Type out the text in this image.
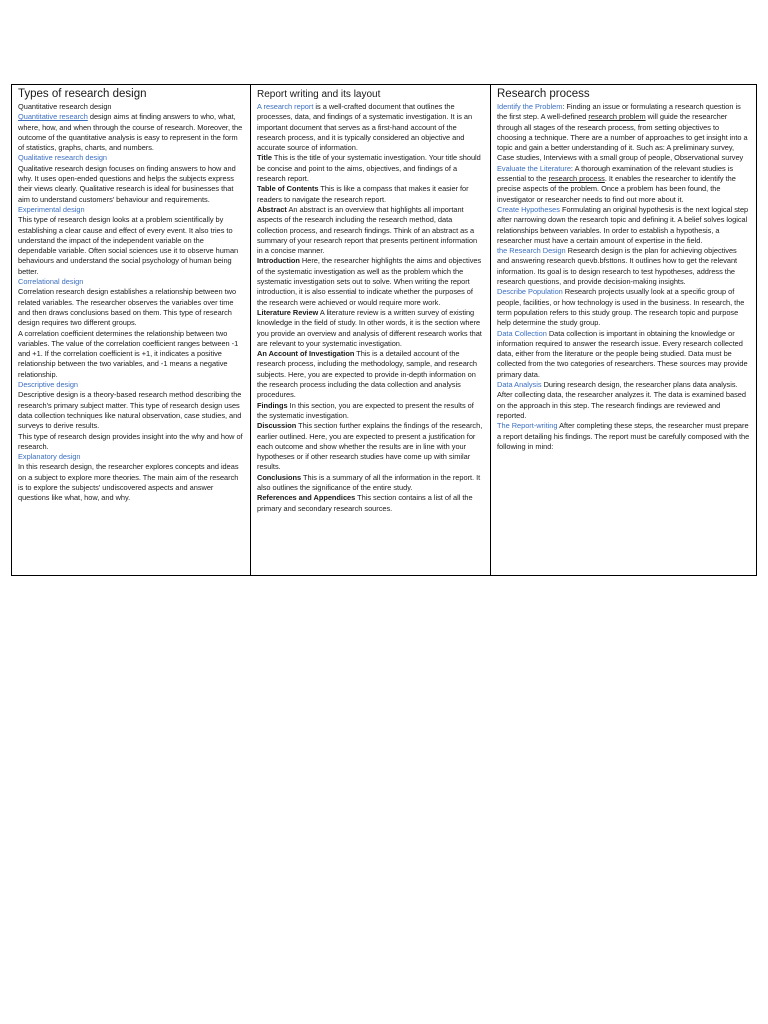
Types of research design

Quantitative research design

Quantitative research design aims at finding answers to who, what, where, how, and when through the course of research. Moreover, the outcome of the quantitative analysis is easy to represent in the form of statistics, graphs, charts, and numbers.

Qualitative research design

Qualitative research design focuses on finding answers to how and why. It uses open-ended questions and helps the subjects express their views clearly. Qualitative research is ideal for businesses that aim to understand customers' behaviour and requirements.

Experimental design

This type of research design looks at a problem scientifically by establishing a clear cause and effect of every event. It also tries to understand the impact of the independent variable on the dependable variable. Often social sciences use it to observe human behaviours and understand the social psychology of human being better.

Correlational design

Correlation research design establishes a relationship between two related variables. The researcher observes the variables over time and then draws conclusions based on them. This type of research design requires two different groups.

A correlation coefficient determines the relationship between two variables. The value of the correlation coefficient ranges between -1 and +1. If the correlation coefficient is +1, it indicates a positive relationship between the two variables, and -1 means a negative relationship.

Descriptive design

Descriptive design is a theory-based research method describing the research's primary subject matter. This type of research design uses data collection techniques like natural observation, case studies, and surveys to derive results.

This type of research design provides insight into the why and how of research.

Explanatory design

In this research design, the researcher explores concepts and ideas on a subject to explore more theories. The main aim of the research is to explore the subjects' undiscovered aspects and answer questions like what, how, and why.

Report writing and its layout

A research report is a well-crafted document that outlines the processes, data, and findings of a systematic investigation. It is an important document that serves as a first-hand account of the research process, and it is typically considered an objective and accurate source of information.

Title This is the title of your systematic investigation. Your title should be concise and point to the aims, objectives, and findings of a research report.

Table of Contents This is like a compass that makes it easier for readers to navigate the research report.

Abstract An abstract is an overview that highlights all important aspects of the research including the research method, data collection process, and research findings. Think of an abstract as a summary of your research report that presents pertinent information in a concise manner.

Introduction Here, the researcher highlights the aims and objectives of the systematic investigation as well as the problem which the systematic investigation sets out to solve. When writing the report introduction, it is also essential to indicate whether the purposes of the research were achieved or would require more work.

Literature Review A literature review is a written survey of existing knowledge in the field of study. In other words, it is the section where you provide an overview and analysis of different research works that are relevant to your systematic investigation.

An Account of Investigation This is a detailed account of the research process, including the methodology, sample, and research subjects. Here, you are expected to provide in-depth information on the research process including the data collection and analysis procedures.

Findings In this section, you are expected to present the results of the systematic investigation.

Discussion This section further explains the findings of the research, earlier outlined. Here, you are expected to present a justification for each outcome and show whether the results are in line with your hypotheses or if other research studies have come up with similar results.

Conclusions This is a summary of all the information in the report. It also outlines the significance of the entire study.

References and Appendices This section contains a list of all the primary and secondary research sources.

Research process

Identify the Problem: Finding an issue or formulating a research question is the first step. A well-defined research problem will guide the researcher through all stages of the research process, from setting objectives to choosing a technique. There are a number of approaches to get insight into a topic and gain a better understanding of it. Such as: A preliminary survey, Case studies, Interviews with a small group of people, Observational survey

Evaluate the Literature: A thorough examination of the relevant studies is essential to the research process. It enables the researcher to identify the precise aspects of the problem. Once a problem has been found, the investigator or researcher needs to find out more about it.

Create Hypotheses Formulating an original hypothesis is the next logical step after narrowing down the research topic and defining it. A belief solves logical relationships between variables. In order to establish a hypothesis, a researcher must have a certain amount of expertise in the field.

the Research Design Research design is the plan for achieving objectives and answering research quevb.bfsttons. It outlines how to get the relevant information. Its goal is to design research to test hypotheses, address the research questions, and provide decision-making insights.

Describe Population Research projects usually look at a specific group of people, facilities, or how technology is used in the business. In research, the term population refers to this study group. The research topic and purpose help determine the study group.

Data Collection Data collection is important in obtaining the knowledge or information required to answer the research issue. Every research collected data, either from the literature or the people being studied. Data must be collected from the two categories of researchers. These sources may provide primary data.

Data Analysis During research design, the researcher plans data analysis. After collecting data, the researcher analyzes it. The data is examined based on the approach in this step. The research findings are reviewed and reported.

The Report-writing After completing these steps, the researcher must prepare a report detailing his findings. The report must be carefully composed with the following in mind:
